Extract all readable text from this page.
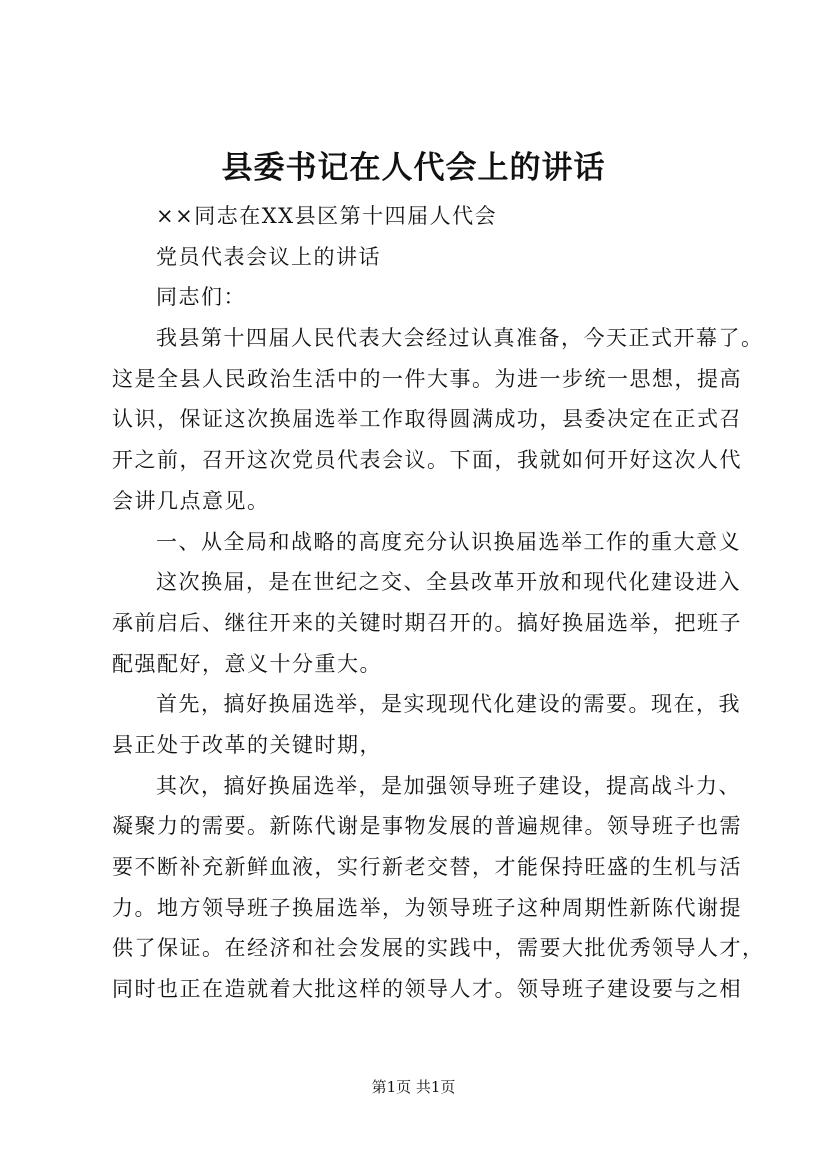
县委书记在人代会上的讲话
××同志在XX县区第十四届人代会
党员代表会议上的讲话
同志们：
我县第十四届人民代表大会经过认真准备，今天正式开幕了。
这是全县人民政治生活中的一件大事。为进一步统一思想，提高
认识，保证这次换届选举工作取得圆满成功，县委决定在正式召
开之前，召开这次党员代表会议。下面，我就如何开好这次人代
会讲几点意见。
一、从全局和战略的高度充分认识换届选举工作的重大意义
这次换届，是在世纪之交、全县改革开放和现代化建设进入
承前启后、继往开来的关键时期召开的。搞好换届选举，把班子
配强配好，意义十分重大。
首先，搞好换届选举，是实现现代化建设的需要。现在，我
县正处于改革的关键时期，
其次，搞好换届选举，是加强领导班子建设，提高战斗力、
凝聚力的需要。新陈代谢是事物发展的普遍规律。领导班子也需
要不断补充新鲜血液，实行新老交替，才能保持旺盛的生机与活
力。地方领导班子换届选举，为领导班子这种周期性新陈代谢提
供了保证。在经济和社会发展的实践中，需要大批优秀领导人才，
同时也正在造就着大批这样的领导人才。领导班子建设要与之相
第1页 共1页
